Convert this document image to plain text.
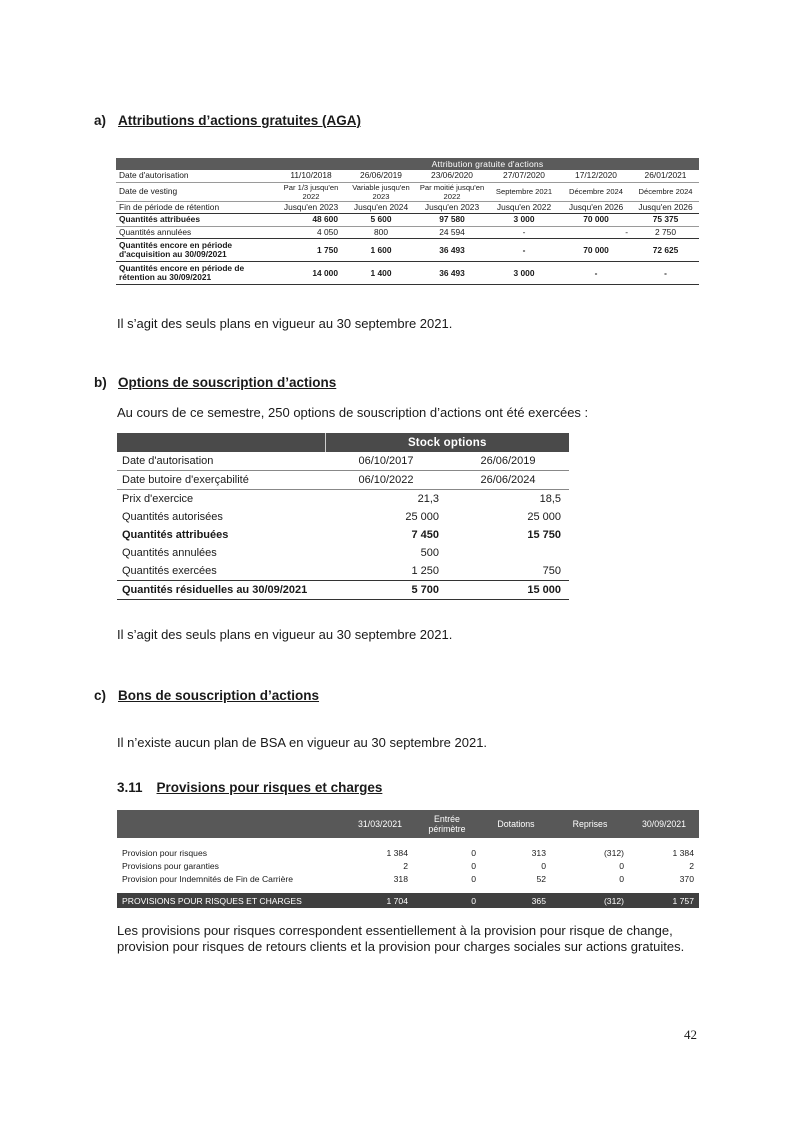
a) Attributions d’actions gratuites (AGA)
	Attribution gratuite d'actions					
Date d'autorisation	11/10/2018	26/06/2019	23/06/2020	27/07/2020	17/12/2020	26/01/2021
Date de vesting	Par 1/3 jusqu'en 2022	Variable jusqu'en 2023	Par moitié jusqu'en 2022	Septembre 2021	Décembre 2024	Décembre 2024
Fin de période de rétention	Jusqu'en 2023	Jusqu'en 2024	Jusqu'en 2023	Jusqu'en 2022	Jusqu'en 2026	Jusqu'en 2026
Quantités attribuées	48 600	5 600	97 580	3 000	70 000	75 375
Quantités annulées	4 050	800	24 594	-	-	2 750
Quantités encore en période d'acquisition au 30/09/2021	1 750	1 600	36 493	-	70 000	72 625
Quantités encore en période de rétention au 30/09/2021	14 000	1 400	36 493	3 000	-	-
Il s’agit des seuls plans en vigueur au 30 septembre 2021.
b) Options de souscription d’actions
Au cours de ce semestre, 250 options de souscription d’actions ont été exercées :
	Stock options	
Date d'autorisation	06/10/2017	26/06/2019
Date butoire d'exerçabilité	06/10/2022	26/06/2024
Prix d'exercice	21,3	18,5
Quantités autorisées	25 000	25 000
Quantités attribuées	7 450	15 750
Quantités annulées	500	
Quantités exercées	1 250	750
Quantités résiduelles au 30/09/2021	5 700	15 000
Il s’agit des seuls plans en vigueur au 30 septembre 2021.
c) Bons de souscription d’actions
Il n’existe aucun plan de BSA en vigueur au 30 septembre 2021.
3.11 Provisions pour risques et charges
	31/03/2021	Entrée périmètre	Dotations	Reprises	30/09/2021

Provision pour risques	1 384	0	313	(312)	1 384
Provisions pour garanties	2	0	0	0	2
Provision pour Indemnités de Fin de Carrière	318	0	52	0	370

PROVISIONS POUR RISQUES ET CHARGES	1 704	0	365	(312)	1 757
Les provisions pour risques correspondent essentiellement à la provision pour risque de change,
provision pour risques de retours clients et la provision pour charges sociales sur actions gratuites.
42
